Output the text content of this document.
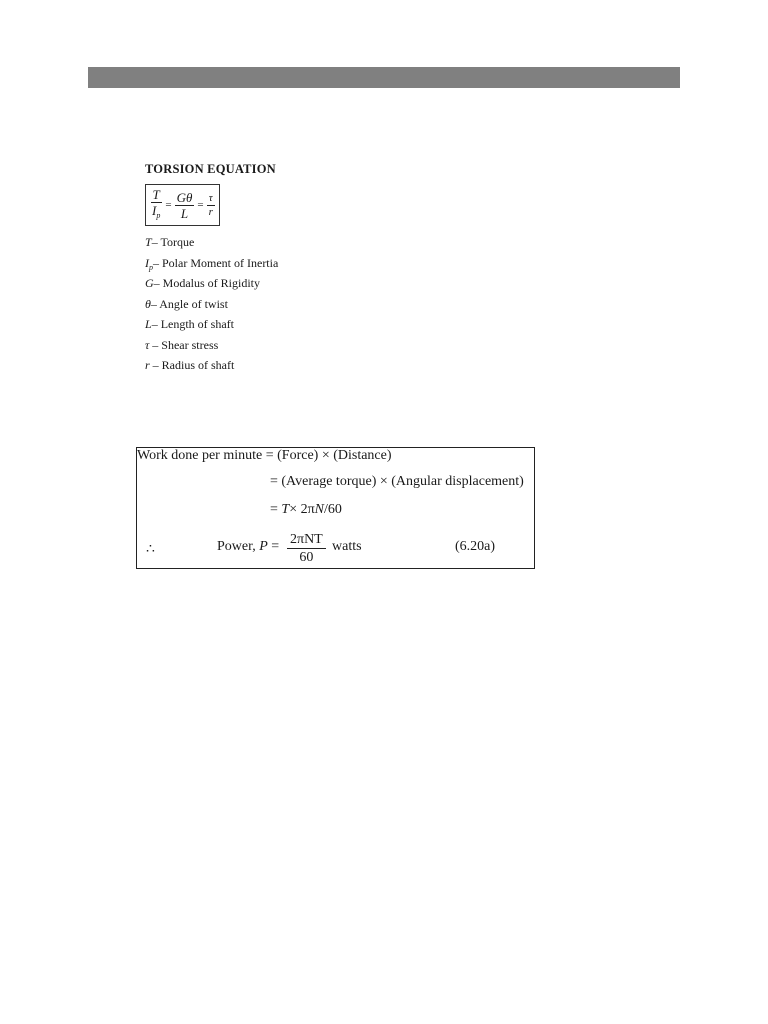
TORSION EQUATION
$\frac{T}{I_p} = \frac{G\theta}{L} = \frac{\tau}{r}$
T– Torque
$I_p-$ Polar Moment of Inertia
G– Modalus of Rigidity
θ– Angle of twist
L– Length of shaft
τ – Shear stress
r – Radius of shaft
Work done per minute = (Force) × (Distance)
= (Average torque) × (Angular displacement)
= T× 2πN/60
∴	Power, P = 2πNT
60
watts	(6.20a)
